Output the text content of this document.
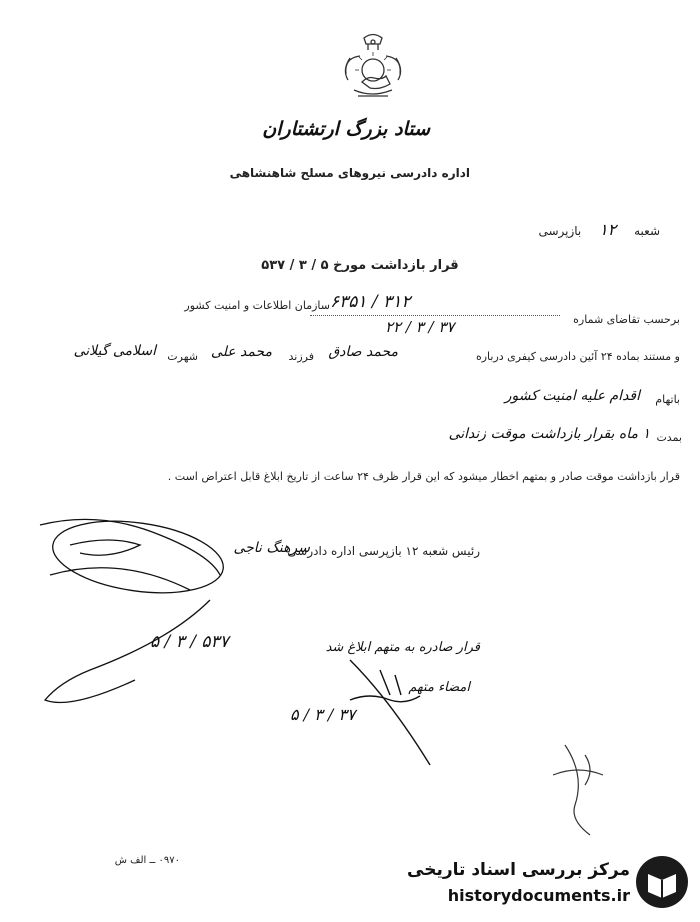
ستاد بزرگ ارتشتاران
اداره دادرسی نیروهای مسلح شاهنشاهی
شعبه ۱۲ بازپرسی
قرار بازداشت مورخ ۵ / ۳ / ۵۳۷
برحسب تقاضای شماره
۶۳۵۱ / ۳۱۲
سازمان اطلاعات و امنیت کشور
۲۲ / ۳ / ۳۷
و مستند بماده ۲۴ آئین دادرسی کیفری درباره
محمد صادق
فرزند
محمد علی
شهرت
اسلامی گیلانی
باتهام
اقدام علیه امنیت کشور
بمدت
۱ ماه بقرار بازداشت موقت زندانی
قرار بازداشت موقت صادر و بمتهم اخطار میشود که این قرار ظرف ۲۴ ساعت از تاریخ ابلاغ قابل اعتراض است .
رئیس شعبه ۱۲ بازپرسی اداره دادرسی
سرهنگ ناجی
۵ / ۳ / ۵۳۷	قرار صادره به متهم ابلاغ شد
امضاء متهم
۵ / ۳ / ۳۷
۰۹۷۰ ــ الف ش	مرکز بررسی اسناد تاریخی
historydocuments.ir
